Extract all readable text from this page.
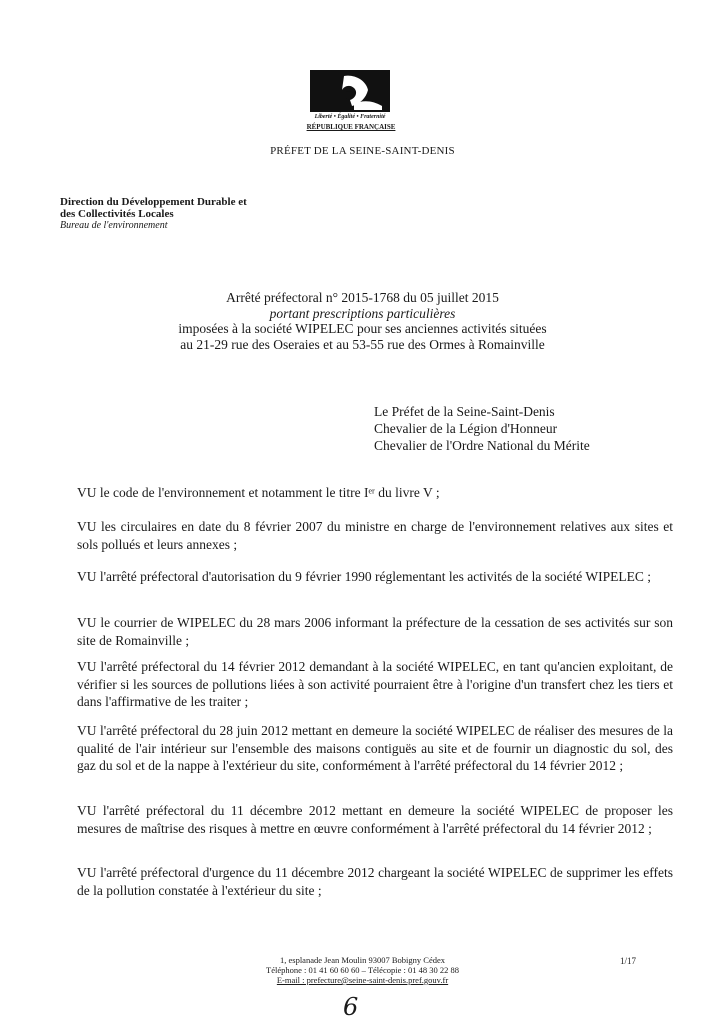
Liberté • Égalité • Fraternité
RÉPUBLIQUE FRANÇAISE
PRÉFET DE LA SEINE-SAINT-DENIS
Direction du Développement Durable et
des Collectivités Locales
Bureau de l'environnement
Arrêté préfectoral n° 2015-1768 du 05 juillet 2015
portant prescriptions particulières
imposées à la société WIPELEC pour ses anciennes activités situées
au 21-29 rue des Oseraies et au 53-55 rue des Ormes à Romainville
Le Préfet de la Seine-Saint-Denis
Chevalier de la Légion d'Honneur
Chevalier de l'Ordre National du Mérite
VU le code de l'environnement et notamment le titre Iᵉʳ du livre V ;
VU les circulaires en date du 8 février 2007 du ministre en charge de l'environnement relatives aux sites et sols pollués et leurs annexes ;
VU l'arrêté préfectoral d'autorisation du 9 février 1990 réglementant les activités de la société WIPELEC ;
VU le courrier de WIPELEC du 28 mars 2006 informant la préfecture de la cessation de ses activités sur son site de Romainville ;
VU l'arrêté préfectoral du 14 février 2012 demandant à la société WIPELEC, en tant qu'ancien exploitant, de vérifier si les sources de pollutions liées à son activité pourraient être à l'origine d'un transfert chez les tiers et dans l'affirmative de les traiter ;
VU l'arrêté préfectoral du 28 juin 2012 mettant en demeure la société WIPELEC de réaliser des mesures de la qualité de l'air intérieur sur l'ensemble des maisons contiguës au site et de fournir un diagnostic du sol, des gaz du sol et de la nappe à l'extérieur du site, conformément à l'arrêté préfectoral du 14 février 2012 ;
VU l'arrêté préfectoral du 11 décembre 2012 mettant en demeure la société WIPELEC de proposer les mesures de maîtrise des risques à mettre en œuvre conformément à l'arrêté préfectoral du 14 février 2012 ;
VU l'arrêté préfectoral d'urgence du 11 décembre 2012 chargeant la société WIPELEC de supprimer les effets de la pollution constatée à l'extérieur du site ;
1, esplanade Jean Moulin 93007 Bobigny Cédex
Téléphone : 01 41 60 60 60 – Télécopie : 01 48 30 22 88
E-mail : prefecture@seine-saint-denis.pref.gouv.fr
1/17
6
